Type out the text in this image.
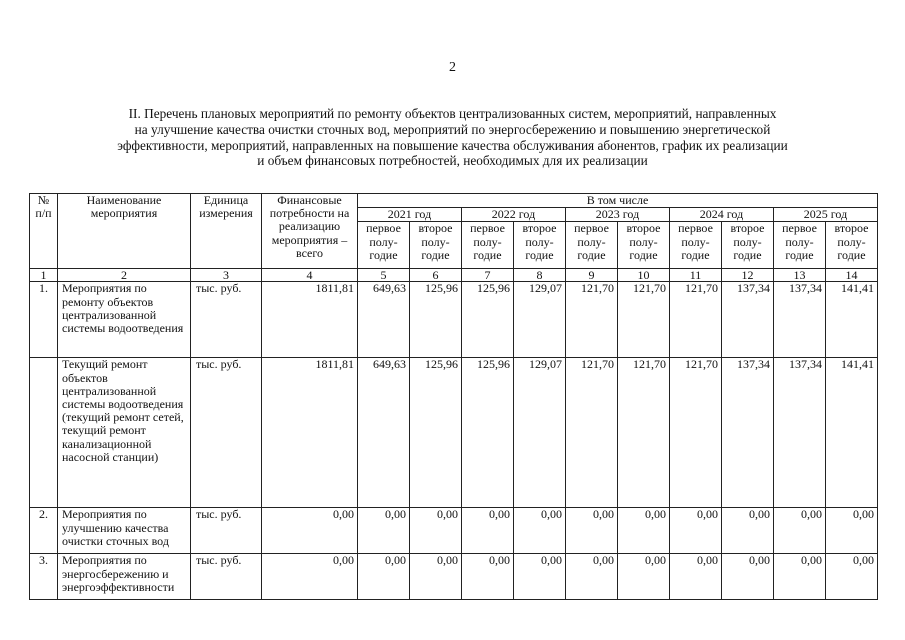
2
II. Перечень плановых мероприятий по ремонту объектов централизованных систем, мероприятий, направленных
на улучшение качества очистки сточных вод, мероприятий по энергосбережению и повышению энергетической
эффективности, мероприятий, направленных на повышение качества обслуживания абонентов, график их реализации
и объем финансовых потребностей, необходимых для их реализации
№ п/п	Наименование мероприятия	Единица измерения	Финансовые потребности на реализацию мероприятия – всего	В том числе									
				2021 год		2022 год		2023 год		2024 год		2025 год	
				первое полу-годие	второе полу-годие	первое полу-годие	второе полу-годие	первое полу-годие	второе полу-годие	первое полу-годие	второе полу-годие	первое полу-годие	второе полу-годие
1	2	3	4	5	6	7	8	9	10	11	12	13	14
1.	Мероприятия по ремонту объектов централизованной системы водоотведения	тыс. руб.	1811,81	649,63	125,96	125,96	129,07	121,70	121,70	121,70	137,34	137,34	141,41
	Текущий ремонт объектов централизованной системы водоотведения (текущий ремонт сетей, текущий ремонт канализационной насосной станции)	тыс. руб.	1811,81	649,63	125,96	125,96	129,07	121,70	121,70	121,70	137,34	137,34	141,41
2.	Мероприятия по улучшению качества очистки сточных вод	тыс. руб.	0,00	0,00	0,00	0,00	0,00	0,00	0,00	0,00	0,00	0,00	0,00
3.	Мероприятия по энергосбережению и энергоэффективности	тыс. руб.	0,00	0,00	0,00	0,00	0,00	0,00	0,00	0,00	0,00	0,00	0,00
